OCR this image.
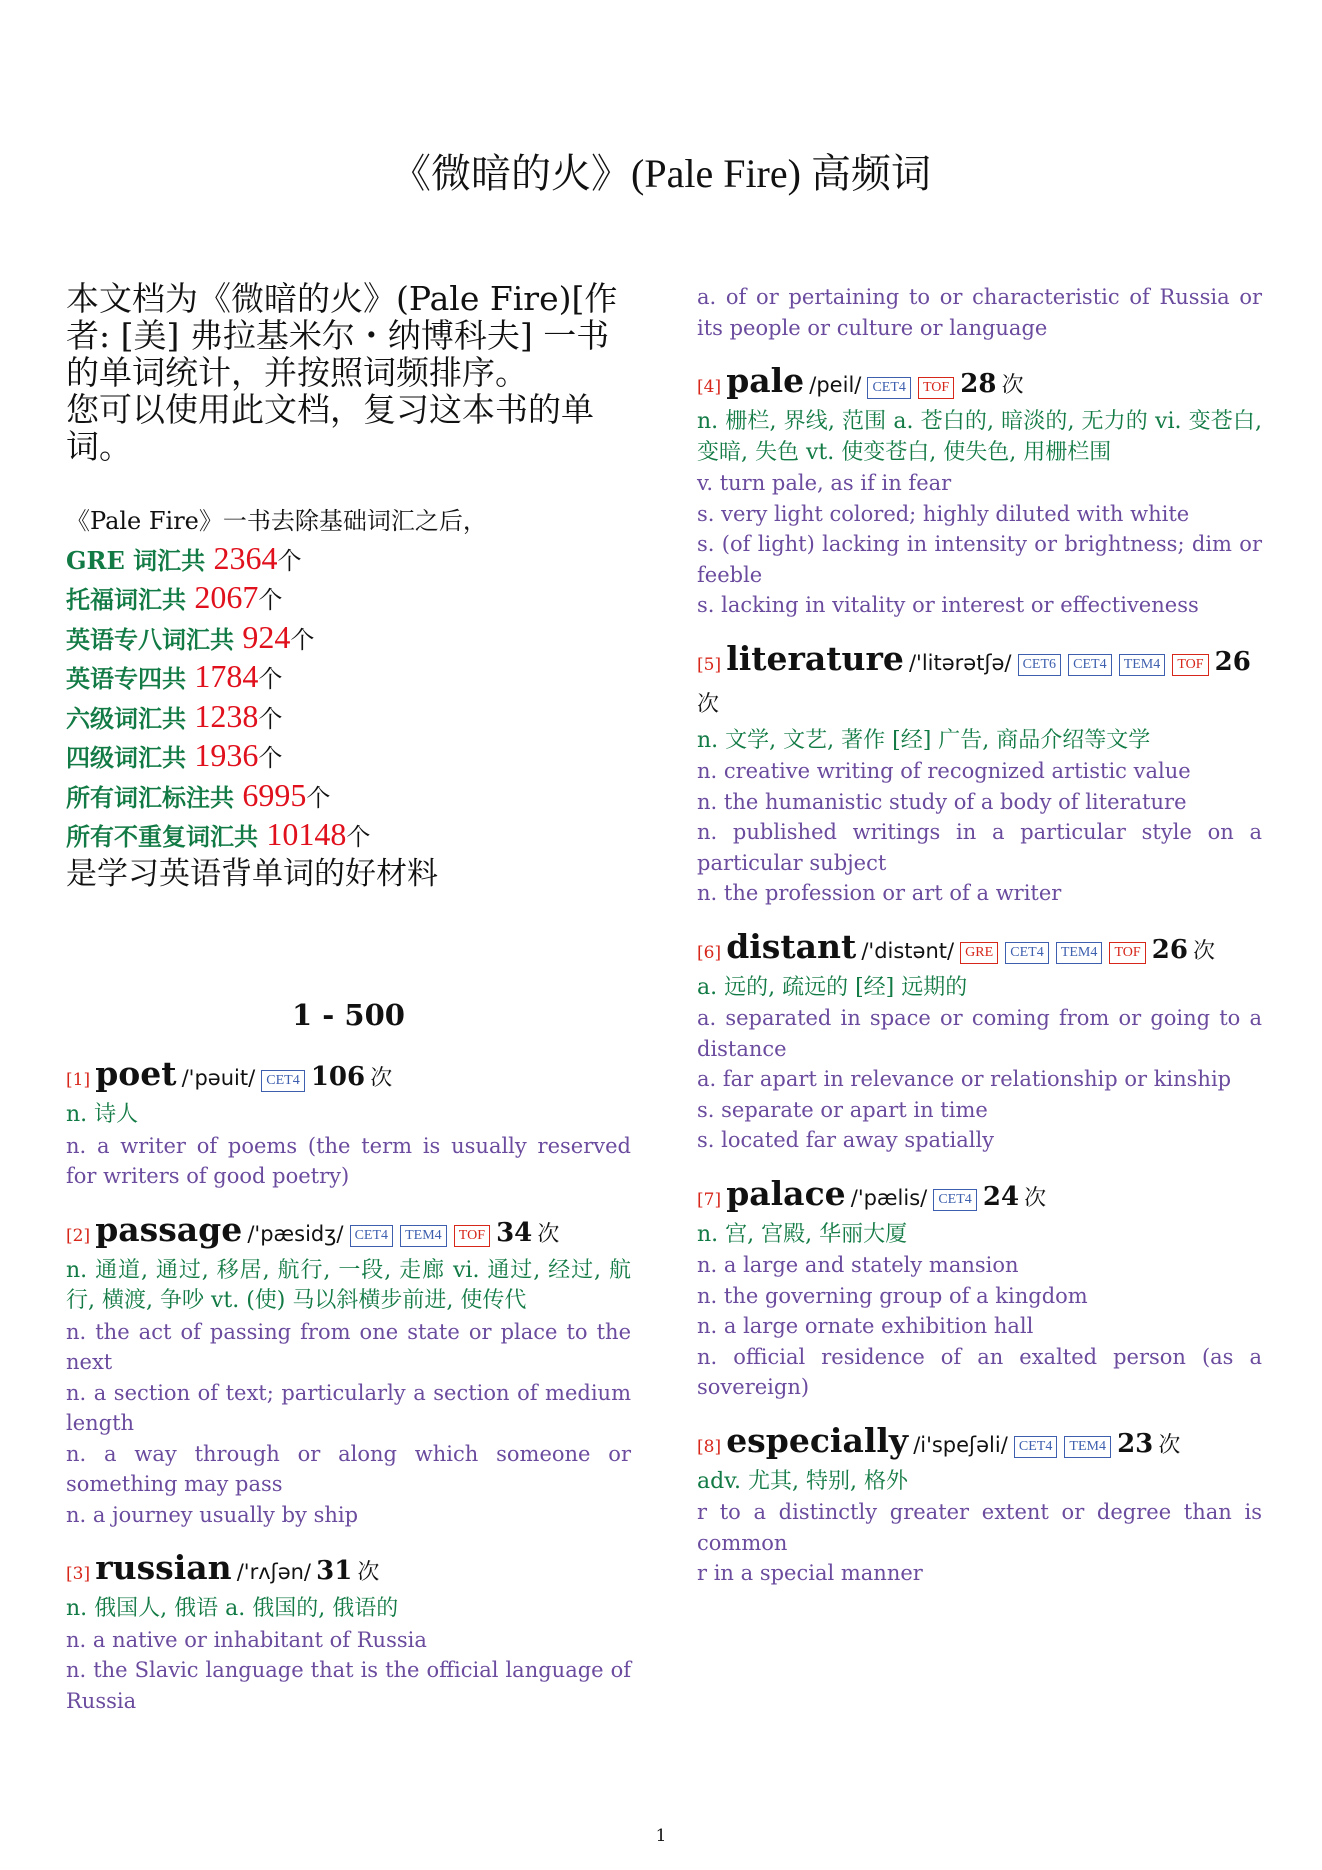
《微暗的火》(Pale Fire) 高频词

本文档为《微暗的火》(Pale Fire)[作者: [美] 弗拉基米尔・纳博科夫] 一书的单词统计，并按照词频排序。

您可以使用此文档，复习这本书的单词。

《Pale Fire》一书去除基础词汇之后，
GRE 词汇共 2364个
托福词汇共 2067个
英语专八词汇共 924个
英语专四共 1784个
六级词汇共 1238个
四级词汇共 1936个
所有词汇标注共 6995个
所有不重复词汇共 10148个
是学习英语背单词的好材料
1 - 500
[1] poet /'pəuit/ CET4 106 次
n. 诗人
n. a writer of poems (the term is usually reserved for writers of good poetry)
[2] passage /'pæsidʒ/ CET4 TEM4 TOF 34 次
n. 通道, 通过, 移居, 航行, 一段, 走廊 vi. 通过, 经过, 航行, 横渡, 争吵 vt. (使) 马以斜横步前进, 使传代
n. the act of passing from one state or place to the next
n. a section of text; particularly a section of medium length
n. a way through or along which someone or something may pass
n. a journey usually by ship
[3] russian /'rʌʃən/ 31 次
n. 俄国人, 俄语 a. 俄国的, 俄语的
n. a native or inhabitant of Russia
n. the Slavic language that is the official language of Russia
a. of or pertaining to or characteristic of Russia or its people or culture or language
[4] pale /peil/ CET4 TOF 28 次
n. 栅栏, 界线, 范围 a. 苍白的, 暗淡的, 无力的 vi. 变苍白, 变暗, 失色 vt. 使变苍白, 使失色, 用栅栏围
v. turn pale, as if in fear
s. very light colored; highly diluted with white
s. (of light) lacking in intensity or brightness; dim or feeble
s. lacking in vitality or interest or effectiveness
[5] literature /'litərətʃə/ CET6 CET4 TEM4 TOF 26 次
n. 文学, 文艺, 著作 [经] 广告, 商品介绍等文学
n. creative writing of recognized artistic value
n. the humanistic study of a body of literature
n. published writings in a particular style on a particular subject
n. the profession or art of a writer
[6] distant /'distənt/ GRE CET4 TEM4 TOF 26 次
a. 远的, 疏远的 [经] 远期的
a. separated in space or coming from or going to a distance
a. far apart in relevance or relationship or kinship
s. separate or apart in time
s. located far away spatially
[7] palace /'pælis/ CET4 24 次
n. 宫, 宫殿, 华丽大厦
n. a large and stately mansion
n. the governing group of a kingdom
n. a large ornate exhibition hall
n. official residence of an exalted person (as a sovereign)
[8] especially /i'speʃəli/ CET4 TEM4 23 次
adv. 尤其, 特别, 格外
r to a distinctly greater extent or degree than is common
r in a special manner
1
